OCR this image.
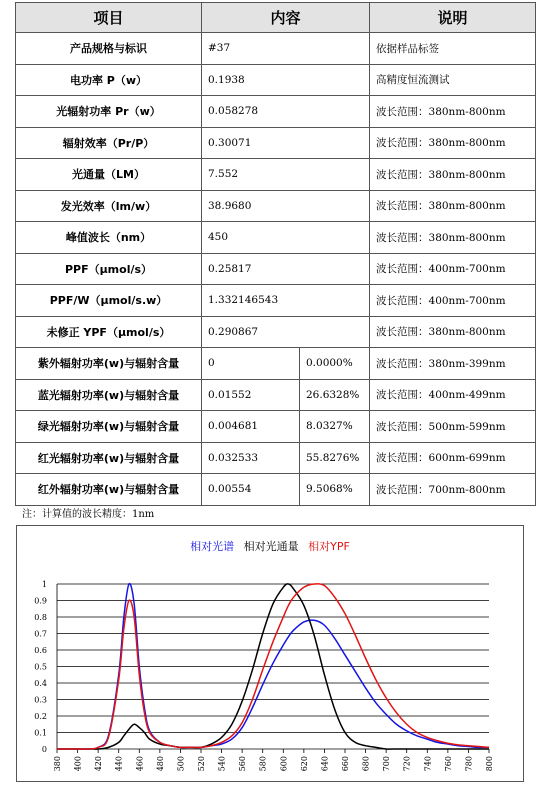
项目	内容		说明
产品规格与标识	#37		依据样品标签
电功率 P（w）	0.1938		高精度恒流测试
光辐射功率 Pr（w）	0.058278		波长范围：380nm-800nm
辐射效率（Pr/P）	0.30071		波长范围：380nm-800nm
光通量（LM）	7.552		波长范围：380nm-800nm
发光效率（lm/w）	38.9680		波长范围：380nm-800nm
峰值波长（nm）	450		波长范围：380nm-800nm
PPF（μmol/s）	0.25817		波长范围：400nm-700nm
PPF/W（μmol/s.w）	1.332146543		波长范围：400nm-700nm
未修正 YPF（μmol/s）	0.290867		波长范围：380nm-800nm
紫外辐射功率(w)与辐射含量	0	0.0000%	波长范围：380nm-399nm
蓝光辐射功率(w)与辐射含量	0.01552	26.6328%	波长范围：400nm-499nm
绿光辐射功率(w)与辐射含量	0.004681	8.0327%	波长范围：500nm-599nm
红光辐射功率(w)与辐射含量	0.032533	55.8276%	波长范围：600nm-699nm
红外辐射功率(w)与辐射含量	0.00554	9.5068%	波长范围：700nm-800nm
注：计算值的波长精度：1nm
相对光谱 相对光通量 相对YPF
0
0.1
0.2
0.3
0.4
0.5
0.6
0.7
0.8
0.9
1
380 400 420 440 460 480 500 520 540 560 580 600 620 640 660 680 700 720 740 760 780 800
